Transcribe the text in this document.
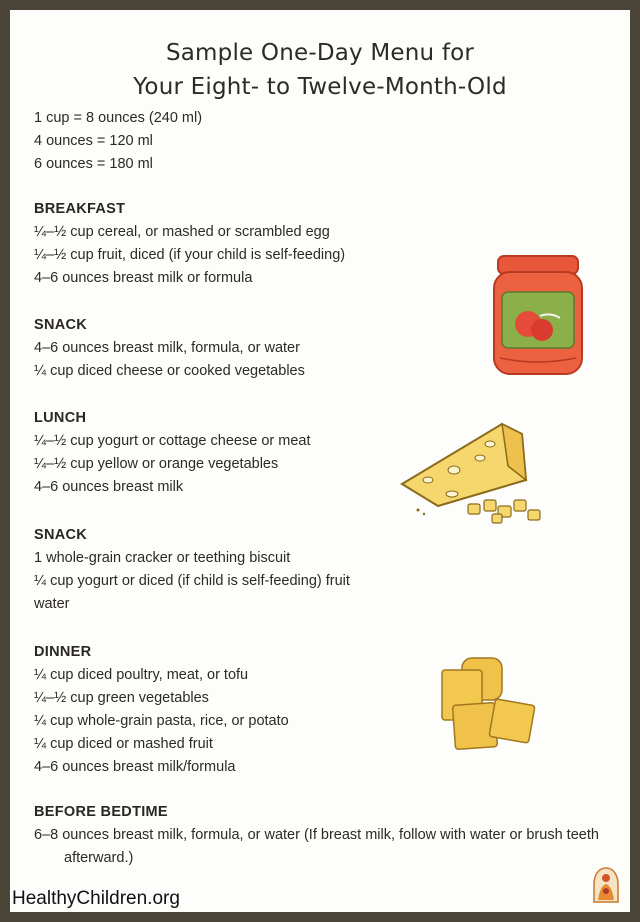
Sample One-Day Menu for
Your Eight- to Twelve-Month-Old
1 cup = 8 ounces (240 ml)
4 ounces = 120 ml
6 ounces = 180 ml
BREAKFAST
¼–½ cup cereal, or mashed or scrambled egg
¼–½ cup fruit, diced (if your child is self-feeding)
4–6 ounces breast milk or formula
SNACK
4–6 ounces breast milk, formula, or water
¼ cup diced cheese or cooked vegetables
LUNCH
¼–½ cup yogurt or cottage cheese or meat
¼–½ cup yellow or orange vegetables
4–6 ounces breast milk
SNACK
1 whole-grain cracker or teething biscuit
¼ cup yogurt or diced (if child is self-feeding) fruit
water
DINNER
¼ cup diced poultry, meat, or tofu
¼–½ cup green vegetables
¼ cup whole-grain pasta, rice, or potato
¼ cup diced or mashed fruit
4–6 ounces breast milk/formula
BEFORE BEDTIME
6–8 ounces breast milk, formula, or water (If breast milk, follow with water or brush teeth afterward.)
HealthyChildren.org
